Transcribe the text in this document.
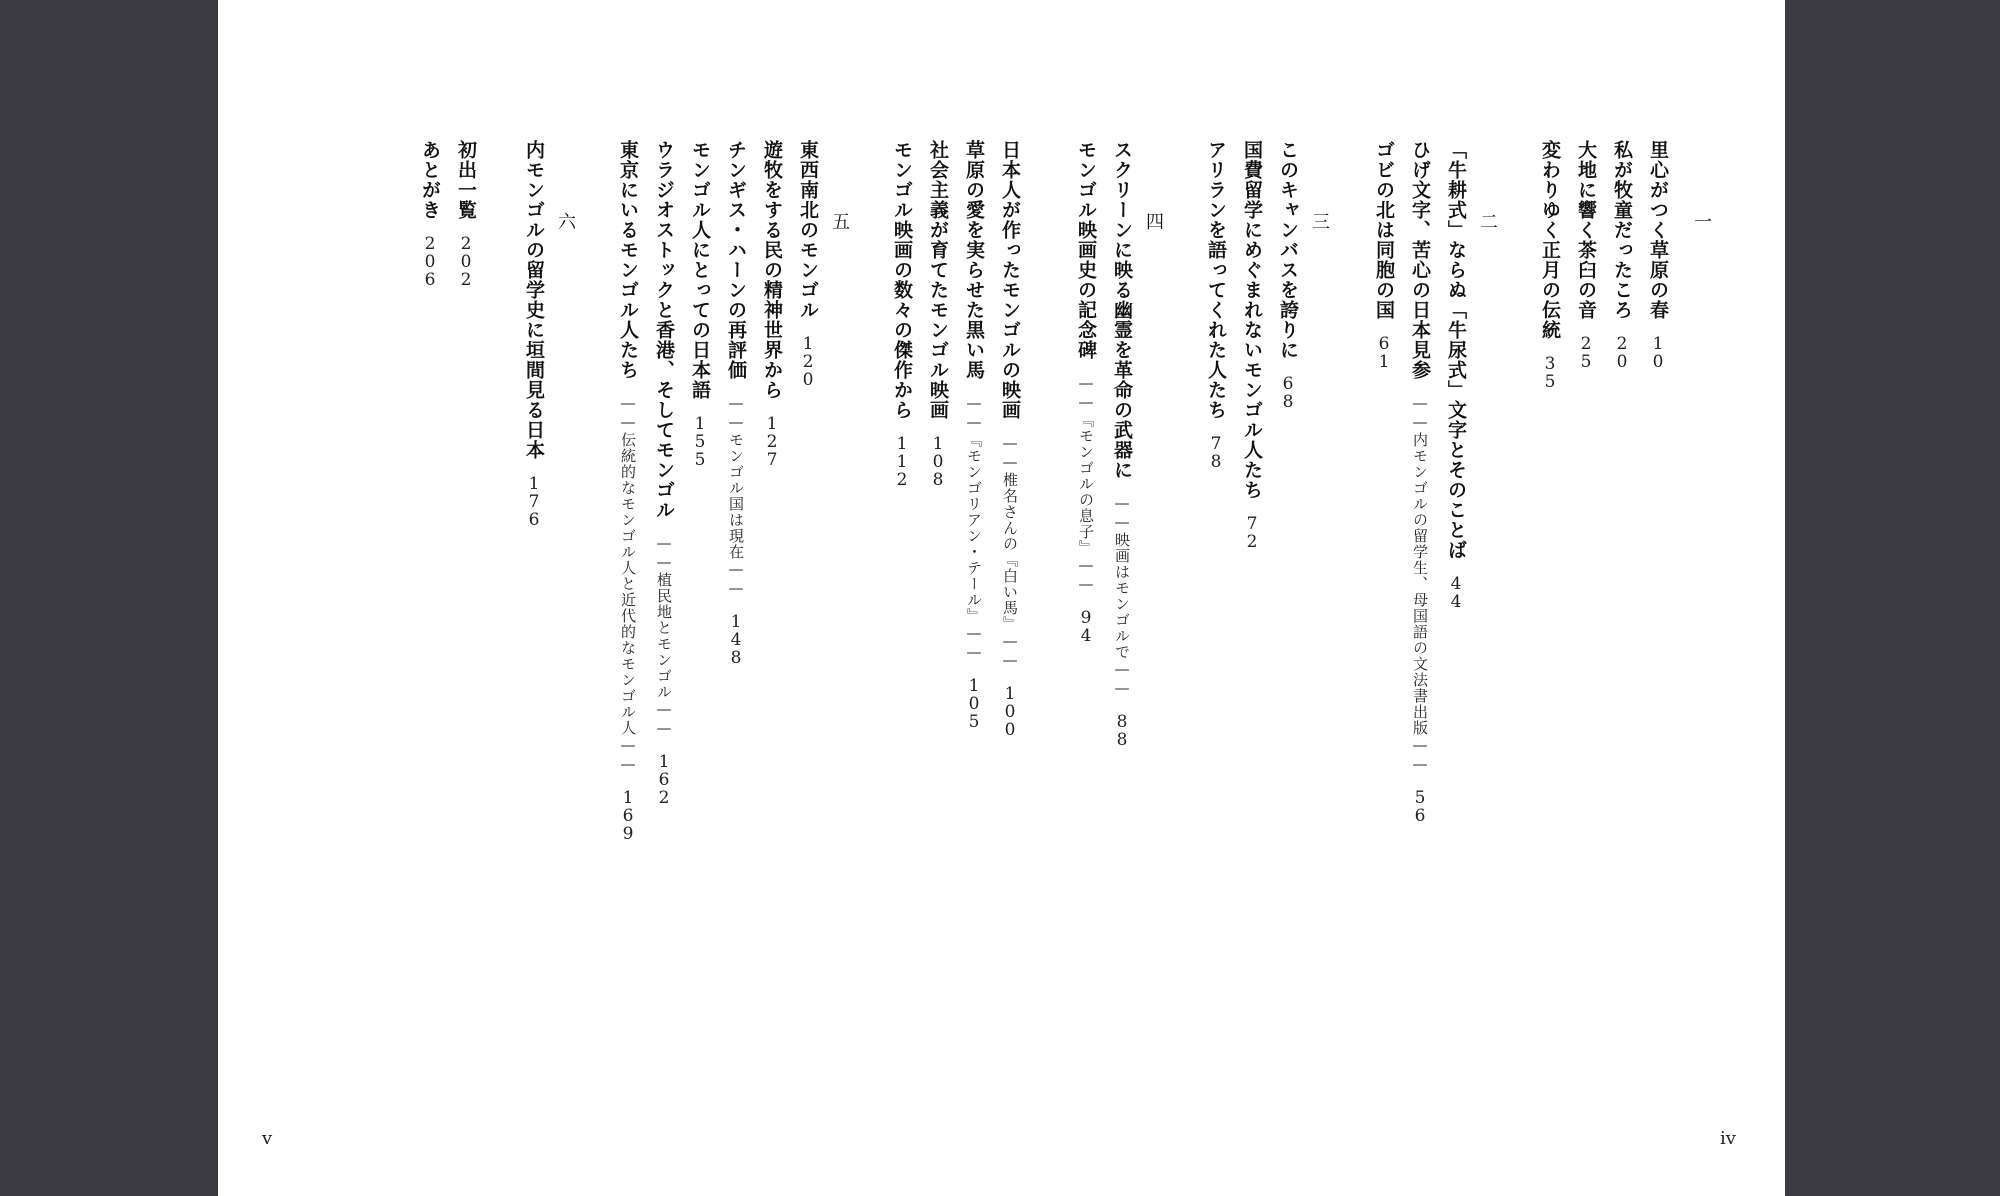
一
里心がつく草原の春10
私が牧童だったころ20
大地に響く茶臼の音25
変わりゆく正月の伝統35
二
「牛耕式」ならぬ「牛尿式」文字とそのことば44
ひげ文字、苦心の日本見参——内モンゴルの留学生、母国語の文法書出版——56
ゴビの北は同胞の国61
三
このキャンバスを誇りに68
国費留学にめぐまれないモンゴル人たち72
アリランを語ってくれた人たち78
四
スクリーンに映る幽霊を革命の武器に——映画はモンゴルで——88
モンゴル映画史の記念碑——『モンゴルの息子』——94
日本人が作ったモンゴルの映画——椎名さんの『白い馬』——100
草原の愛を実らせた黒い馬——『モンゴリアン・テール』——105
社会主義が育てたモンゴル映画108
モンゴル映画の数々の傑作から112
五
東西南北のモンゴル120
遊牧をする民の精神世界から127
チンギス・ハーンの再評価——モンゴル国は現在——148
モンゴル人にとっての日本語155
ウラジオストックと香港、そしてモンゴル——植民地とモンゴル——162
東京にいるモンゴル人たち——伝統的なモンゴル人と近代的なモンゴル人——169
六
内モンゴルの留学史に垣間見る日本176
初出一覧202
あとがき206
v	iv
